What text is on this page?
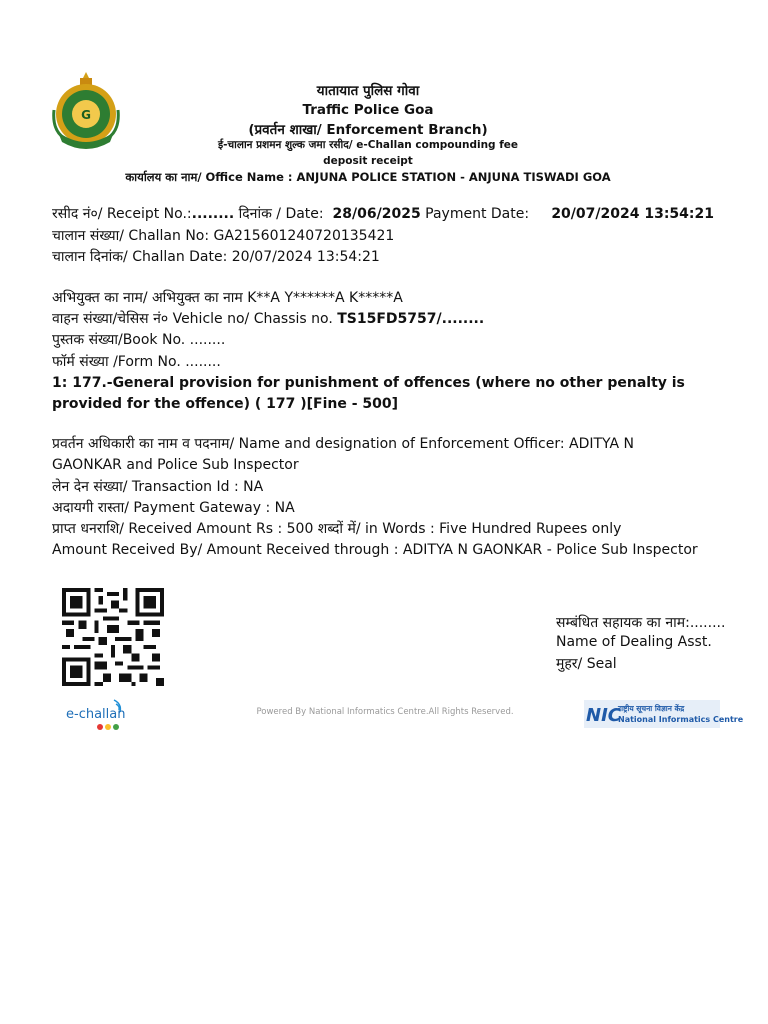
G
यातायात पुलिस गोवा
Traffic Police Goa
(प्रवर्तन शाखा/ Enforcement Branch)
ई-चालान प्रशमन शुल्क जमा रसीद/ e-Challan compounding fee
deposit receipt
कार्यालय का नाम/ Office Name : ANJUNA POLICE STATION - ANJUNA TISWADI GOA
रसीद नं०/ Receipt No.:........ दिनांक / Date:  28/06/2025 Payment Date:     20/07/2024 13:54:21
चालान संख्या/ Challan No: GA215601240720135421
चालान दिनांक/ Challan Date: 20/07/2024 13:54:21
अभियुक्त का नाम/ अभियुक्त का नाम K**A Y******A K*****A
वाहन संख्या/चेसिस नं० Vehicle no/ Chassis no. TS15FD5757/........
पुस्तक संख्या/Book No. ........
फॉर्म संख्या /Form No. ........
1: 177.-General provision for punishment of offences (where no other penalty is provided for the offence) ( 177 )[Fine - 500]
प्रवर्तन अधिकारी का नाम व पदनाम/ Name and designation of Enforcement Officer: ADITYA N GAONKAR and Police Sub Inspector
लेन देन संख्या/ Transaction Id : NA
अदायगी रास्ता/ Payment Gateway : NA
प्राप्त धनराशि/ Received Amount Rs : 500 शब्दों में/ in Words : Five Hundred Rupees only
Amount Received By/ Amount Received through : ADITYA N GAONKAR - Police Sub Inspector
सम्बंधित सहायक का नाम:........
Name of Dealing Asst.
मुहर/ Seal
e-challan	Powered By National Informatics Centre.All Rights Reserved.	NIC
राष्ट्रीय सूचना विज्ञान केंद्र
National Informatics Centre
